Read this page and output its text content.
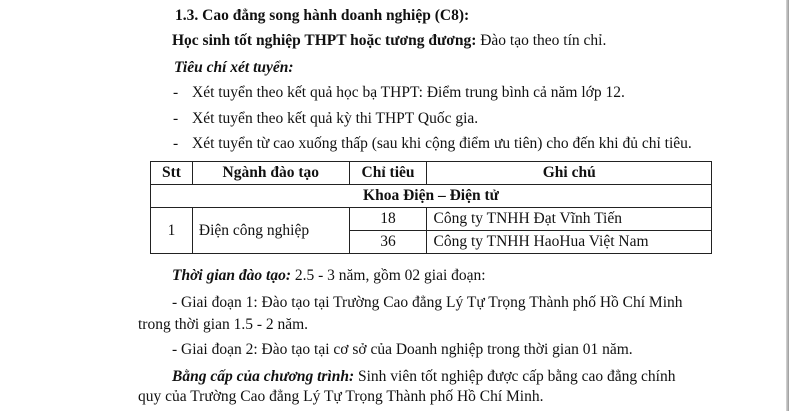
1.3. Cao đẳng song hành doanh nghiệp (C8):
Học sinh tốt nghiệp THPT hoặc tương đương: Đào tạo theo tín chỉ.
Tiêu chí xét tuyển:
- Xét tuyển theo kết quả học bạ THPT: Điểm trung bình cả năm lớp 12.
- Xét tuyển theo kết quả kỳ thi THPT Quốc gia.
- Xét tuyển từ cao xuống thấp (sau khi cộng điểm ưu tiên) cho đến khi đủ chỉ tiêu.
Stt	Ngành đào tạo	Chỉ tiêu	Ghi chú
Khoa Điện – Điện tử			
1	Điện công nghiệp	18	Công ty TNHH Đạt Vĩnh Tiến
		36	Công ty TNHH HaoHua Việt Nam
Thời gian đào tạo: 2.5 - 3 năm, gồm 02 giai đoạn:
- Giai đoạn 1: Đào tạo tại Trường Cao đẳng Lý Tự Trọng Thành phố Hồ Chí Minh
trong thời gian 1.5 - 2 năm.
- Giai đoạn 2: Đào tạo tại cơ sở của Doanh nghiệp trong thời gian 01 năm.
Bằng cấp của chương trình: Sinh viên tốt nghiệp được cấp bằng cao đẳng chính
quy của Trường Cao đẳng Lý Tự Trọng Thành phố Hồ Chí Minh.
